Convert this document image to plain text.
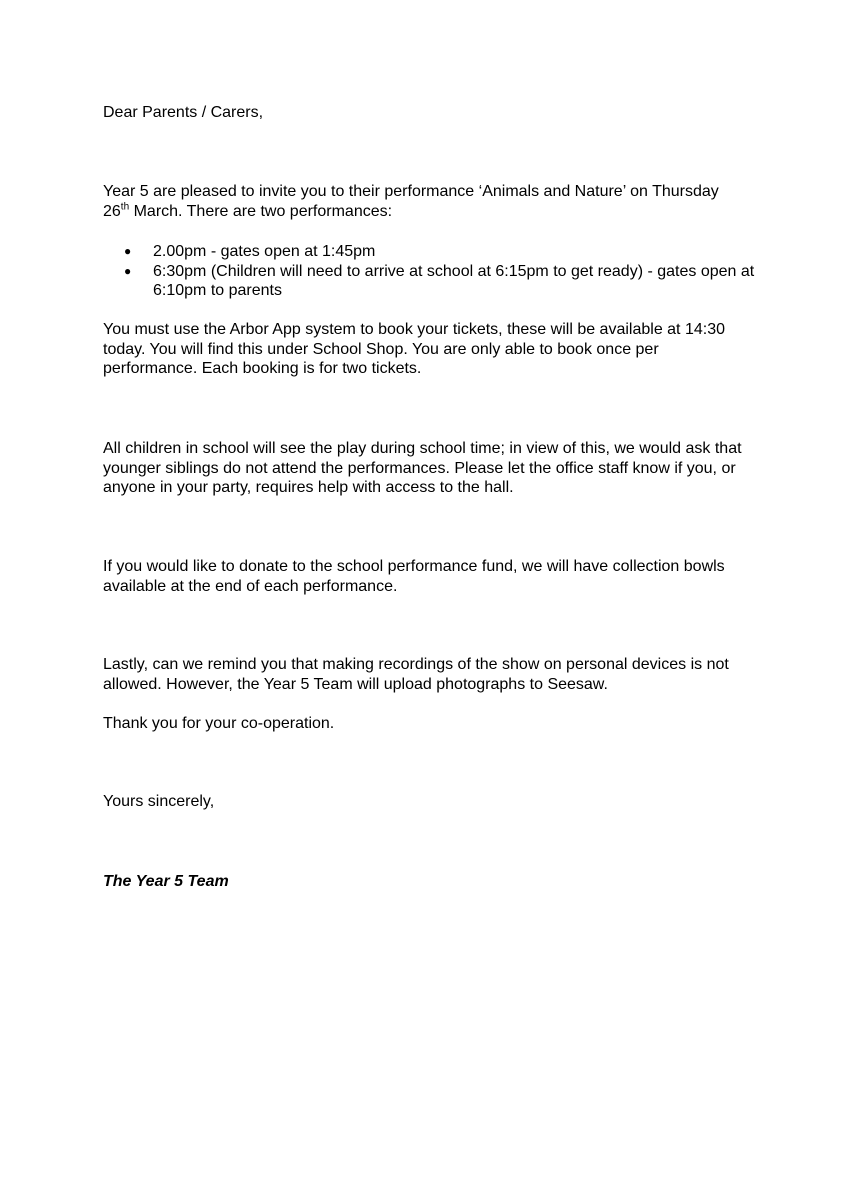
Dear Parents / Carers,

Year 5 are pleased to invite you to their performance ‘Animals and Nature’ on Thursday 26th March. There are two performances:

● 2.00pm - gates open at 1:45pm
● 6:30pm (Children will need to arrive at school at 6:15pm to get ready) - gates open at 6:10pm to parents

You must use the Arbor App system to book your tickets, these will be available at 14:30 today. You will find this under School Shop. You are only able to book once per performance. Each booking is for two tickets.

All children in school will see the play during school time; in view of this, we would ask that younger siblings do not attend the performances. Please let the office staff know if you, or anyone in your party, requires help with access to the hall.

If you would like to donate to the school performance fund, we will have collection bowls available at the end of each performance.

Lastly, can we remind you that making recordings of the show on personal devices is not allowed. However, the Year 5 Team will upload photographs to Seesaw.

Thank you for your co-operation.

Yours sincerely,

The Year 5 Team
